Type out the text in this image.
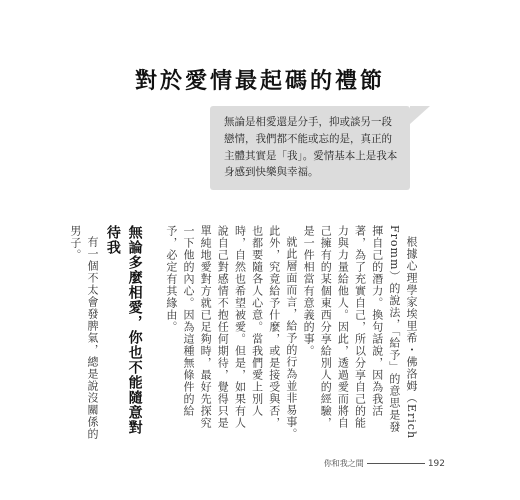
對於愛情最起碼的禮節
無論是相愛還是分手，抑或談另一段戀情，我們都不能或忘的是，真正的主體其實是「我」。愛情基本上是我本身感到快樂與幸福。

根據心理學家埃里希・佛洛姆（Erich Fromm）的說法，「給予」的意思是發揮自己的潛力。換句話說，因為我活著，為了充實自己，所以分享自己的能力與力量給他人。因此，透過愛而將自己擁有的某個東西分享給別人的經驗，是一件相當有意義的事。

就此層面而言，給予的行為並非易事。此外，究竟給予什麼，或是接受與否，也都要隨各人心意。當我們愛上別人時，自然也希望被愛。但是，如果有人說自己對感情不抱任何期待，覺得只是單純地愛對方就已足夠時，最好先探究一下他的內心。因為這種無條件的給予，必定有其緣由。

無論多麼相愛，你也不能隨意對待我

有一個不太會發脾氣，總是說沒關係的男子。

你和我之間	192
